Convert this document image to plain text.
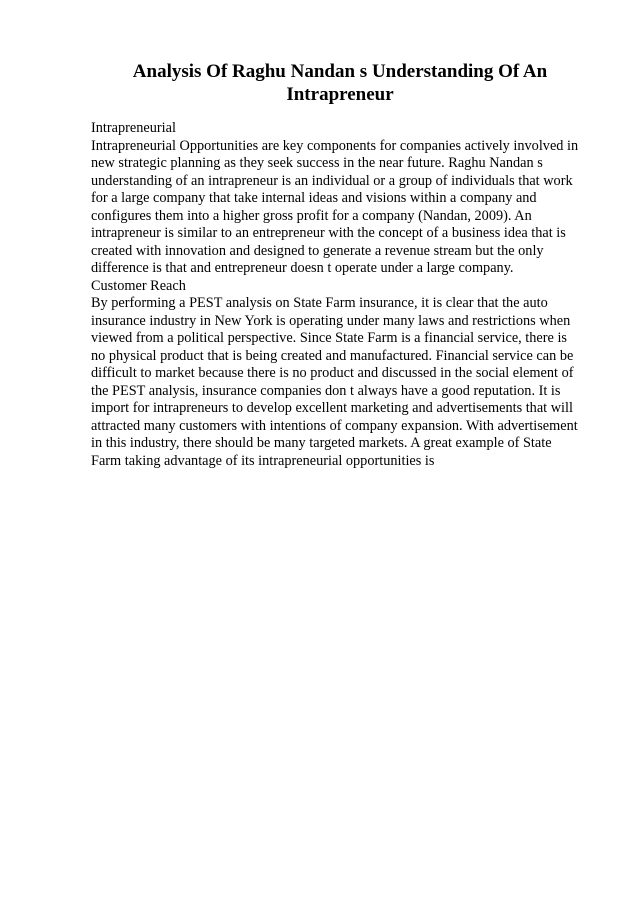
Analysis Of Raghu Nandan s Understanding Of An
Intrapreneur
Intrapreneurial
Intrapreneurial Opportunities are key components for companies actively involved in
new strategic planning as they seek success in the near future. Raghu Nandan s
understanding of an intrapreneur is an individual or a group of individuals that work
for a large company that take internal ideas and visions within a company and
configures them into a higher gross profit for a company (Nandan, 2009). An
intrapreneur is similar to an entrepreneur with the concept of a business idea that is
created with innovation and designed to generate a revenue stream but the only
difference is that and entrepreneur doesn t operate under a large company.
Customer Reach
By performing a PEST analysis on State Farm insurance, it is clear that the auto
insurance industry in New York is operating under many laws and restrictions when
viewed from a political perspective. Since State Farm is a financial service, there is
no physical product that is being created and manufactured. Financial service can be
difficult to market because there is no product and discussed in the social element of
the PEST analysis, insurance companies don t always have a good reputation. It is
import for intrapreneurs to develop excellent marketing and advertisements that will
attracted many customers with intentions of company expansion. With advertisement
in this industry, there should be many targeted markets. A great example of State
Farm taking advantage of its intrapreneurial opportunities is
